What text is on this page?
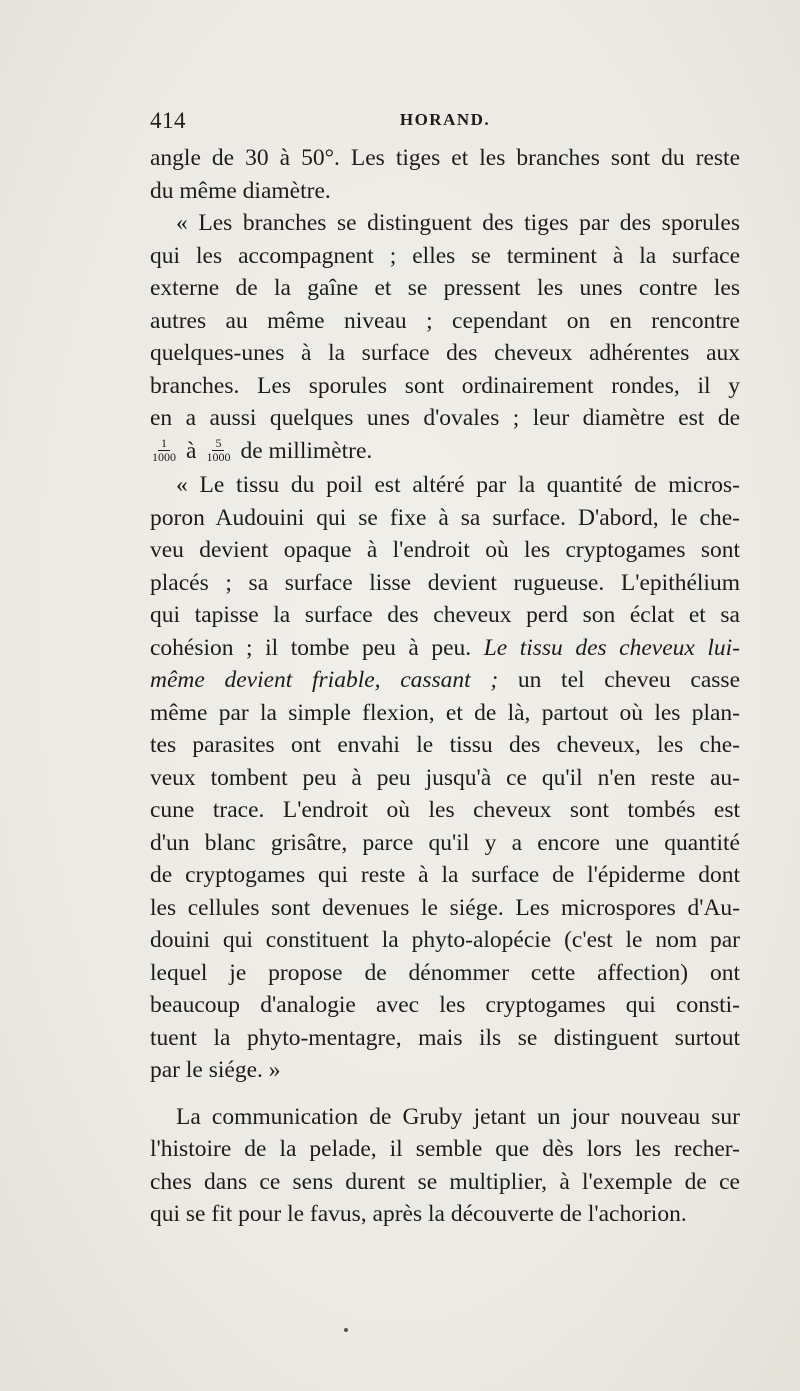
414	HORAND.
angle de 30 à 50°. Les tiges et les branches sont du reste
du même diamètre.
« Les branches se distinguent des tiges par des sporules
qui les accompagnent ; elles se terminent à la surface
externe de la gaîne et se pressent les unes contre les
autres au même niveau ; cependant on en rencontre
quelques-unes à la surface des cheveux adhérentes aux
branches. Les sporules sont ordinairement rondes, il y
en a aussi quelques unes d'ovales ; leur diamètre est de
$\frac{1}{1000}$ à $\frac{5}{1000}$ de millimètre.
« Le tissu du poil est altéré par la quantité de micros-
poron Audouini qui se fixe à sa surface. D'abord, le che-
veu devient opaque à l'endroit où les cryptogames sont
placés ; sa surface lisse devient rugueuse. L'epithélium
qui tapisse la surface des cheveux perd son éclat et sa
cohésion ; il tombe peu à peu. Le tissu des cheveux lui-
même devient friable, cassant ; un tel cheveu casse
même par la simple flexion, et de là, partout où les plan-
tes parasites ont envahi le tissu des cheveux, les che-
veux tombent peu à peu jusqu'à ce qu'il n'en reste au-
cune trace. L'endroit où les cheveux sont tombés est
d'un blanc grisâtre, parce qu'il y a encore une quantité
de cryptogames qui reste à la surface de l'épiderme dont
les cellules sont devenues le siége. Les microspores d'Au-
douini qui constituent la phyto-alopécie (c'est le nom par
lequel je propose de dénommer cette affection) ont
beaucoup d'analogie avec les cryptogames qui consti-
tuent la phyto-mentagre, mais ils se distinguent surtout
par le siége. »
La communication de Gruby jetant un jour nouveau sur
l'histoire de la pelade, il semble que dès lors les recher-
ches dans ce sens durent se multiplier, à l'exemple de ce
qui se fit pour le favus, après la découverte de l'achorion.
